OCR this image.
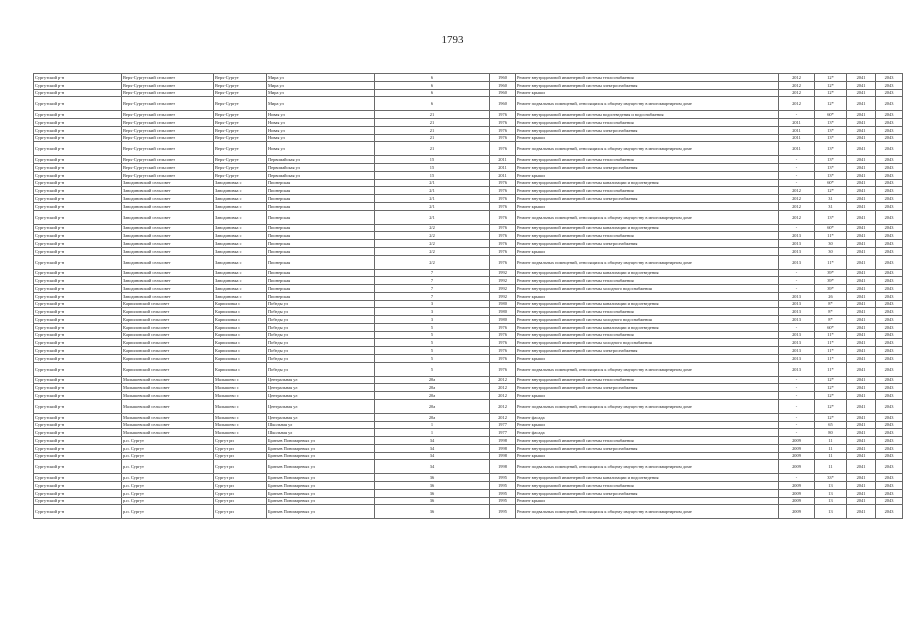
1793
Сургутский р-н	Верх-Сургутский сельсовет	Верх-Сургут	Мира ул	6	1960	Ремонт внутридомовой инженерной системы теплоснабжения	2012	12*	2041	2043
Сургутский р-н	Верх-Сургутский сельсовет	Верх-Сургут	Мира ул	6	1960	Ремонт внутридомовой инженерной системы электроснабжения	2012	12*	2041	2043
Сургутский р-н	Верх-Сургутский сельсовет	Верх-Сургут	Мира ул	6	1960	Ремонт крыши	2012	12*	2041	2043
Сургутский р-н	Верх-Сургутский сельсовет	Верх-Сургут	Мира ул	6	1960	Ремонт подвальных помещений, относящихся к общему имуществу в многоквартирном доме	2012	12*	2041	2043
Сургутский р-н	Верх-Сургутский сельсовет	Верх-Сургут	Новая ул	21	1976	Ремонт внутридомовой инженерной системы водоотведения и водоснабжения	-	60*	2041	2043
Сургутский р-н	Верх-Сургутский сельсовет	Верх-Сургут	Новая ул	21	1976	Ремонт внутридомовой инженерной системы теплоснабжения	2011	13*	2041	2043
Сургутский р-н	Верх-Сургутский сельсовет	Верх-Сургут	Новая ул	21	1976	Ремонт внутридомовой инженерной системы электроснабжения	2011	13*	2041	2043
Сургутский р-н	Верх-Сургутский сельсовет	Верх-Сургут	Новая ул	21	1976	Ремонт крыши	2011	13*	2041	2043
Сургутский р-н	Верх-Сургутский сельсовет	Верх-Сургут	Новая ул	21	1976	Ремонт подвальных помещений, относящихся к общему имуществу в многоквартирном доме	2011	13*	2041	2043
Сургутский р-н	Верх-Сургутский сельсовет	Верх-Сургут	Первомайская ул	15	2011	Ремонт внутридомовой инженерной системы теплоснабжения	-	13*	2041	2043
Сургутский р-н	Верх-Сургутский сельсовет	Верх-Сургут	Первомайская ул	15	2011	Ремонт внутридомовой инженерной системы электроснабжения	-	13*	2041	2043
Сургутский р-н	Верх-Сургутский сельсовет	Верх-Сургут	Первомайская ул	15	2011	Ремонт крыши	-	13*	2041	2043
Сургутский р-н	Заводиновский сельсовет	Заводиновка с	Пионерская	2/1	1976	Ремонт внутридомовой инженерной системы канализации и водоотведения	-	60*	2041	2043
Сургутский р-н	Заводиновский сельсовет	Заводиновка с	Пионерская	2/1	1976	Ремонт внутридомовой инженерной системы теплоснабжения	2012	12*	2041	2043
Сургутский р-н	Заводиновский сельсовет	Заводиновка с	Пионерская	2/1	1976	Ремонт внутридомовой инженерной системы электроснабжения	2012	31	2041	2043
Сургутский р-н	Заводиновский сельсовет	Заводиновка с	Пионерская	2/1	1976	Ремонт крыши	2012	31	2041	2043
Сургутский р-н	Заводиновский сельсовет	Заводиновка с	Пионерская	2/1	1976	Ремонт подвальных помещений, относящихся к общему имуществу в многоквартирном доме	2012	13*	2041	2043
Сургутский р-н	Заводиновский сельсовет	Заводиновка с	Пионерская	2/2	1976	Ремонт внутридомовой инженерной системы канализации и водоотведения	-	60*	2041	2043
Сургутский р-н	Заводиновский сельсовет	Заводиновка с	Пионерская	2/2	1976	Ремонт внутридомовой инженерной системы теплоснабжения	2013	11*	2041	2043
Сургутский р-н	Заводиновский сельсовет	Заводиновка с	Пионерская	2/2	1976	Ремонт внутридомовой инженерной системы электроснабжения	2013	30	2041	2043
Сургутский р-н	Заводиновский сельсовет	Заводиновка с	Пионерская	2/2	1976	Ремонт крыши	2013	30	2041	2043
Сургутский р-н	Заводиновский сельсовет	Заводиновка с	Пионерская	2/2	1976	Ремонт подвальных помещений, относящихся к общему имуществу в многоквартирном доме	2013	11*	2041	2043
Сургутский р-н	Заводиновский сельсовет	Заводиновка с	Пионерская	7	1992	Ремонт внутридомовой инженерной системы канализации и водоотведения	-	39*	2041	2043
Сургутский р-н	Заводиновский сельсовет	Заводиновка с	Пионерская	7	1992	Ремонт внутридомовой инженерной системы теплоснабжения	-	39*	2041	2043
Сургутский р-н	Заводиновский сельсовет	Заводиновка с	Пионерская	7	1992	Ремонт внутридомовой инженерной системы холодного водоснабжения	-	39*	2041	2043
Сургутский р-н	Заводиновский сельсовет	Заводиновка с	Пионерская	7	1992	Ремонт крыши	2013	26	2041	2043
Сургутский р-н	Карпиловский сельсовет	Карпиловка с	Победы ул	3	1980	Ремонт внутридомовой инженерной системы канализации и водоотведения	2013	8*	2041	2043
Сургутский р-н	Карпиловский сельсовет	Карпиловка с	Победы ул	3	1980	Ремонт внутридомовой инженерной системы теплоснабжения	2013	8*	2041	2043
Сургутский р-н	Карпиловский сельсовет	Карпиловка с	Победы ул	3	1980	Ремонт внутридомовой инженерной системы холодного водоснабжения	2013	8*	2041	2043
Сургутский р-н	Карпиловский сельсовет	Карпиловка с	Победы ул	5	1976	Ремонт внутридомовой инженерной системы канализации и водоотведения	-	60*	2041	2043
Сургутский р-н	Карпиловский сельсовет	Карпиловка с	Победы ул	5	1976	Ремонт внутридомовой инженерной системы теплоснабжения	2013	11*	2041	2043
Сургутский р-н	Карпиловский сельсовет	Карпиловка с	Победы ул	5	1976	Ремонт внутридомовой инженерной системы холодного водоснабжения	2013	11*	2041	2043
Сургутский р-н	Карпиловский сельсовет	Карпиловка с	Победы ул	5	1976	Ремонт внутридомовой инженерной системы электроснабжения	2013	11*	2041	2043
Сургутский р-н	Карпиловский сельсовет	Карпиловка с	Победы ул	5	1976	Ремонт крыши	2013	11*	2041	2043
Сургутский р-н	Карпиловский сельсовет	Карпиловка с	Победы ул	5	1976	Ремонт подвальных помещений, относящихся к общему имуществу в многоквартирном доме	2013	11*	2041	2043
Сургутский р-н	Малышевский сельсовет	Малышево с	Центральная ул	20а	2012	Ремонт внутридомовой инженерной системы теплоснабжения	-	12*	2041	2043
Сургутский р-н	Малышевский сельсовет	Малышево с	Центральная ул	20а	2012	Ремонт внутридомовой инженерной системы электроснабжения	-	12*	2041	2043
Сургутский р-н	Малышевский сельсовет	Малышево с	Центральная ул	20а	2012	Ремонт крыши	-	12*	2041	2043
Сургутский р-н	Малышевский сельсовет	Малышево с	Центральная ул	20а	2012	Ремонт подвальных помещений, относящихся к общему имуществу в многоквартирном доме	-	12*	2041	2043
Сургутский р-н	Малышевский сельсовет	Малышево с	Центральная ул	20а	2012	Ремонт фасада	-	12*	2041	2043
Сургутский р-н	Малышевский сельсовет	Малышево с	Школьная ул	1	1977	Ремонт крыши	-	65	2041	2043
Сургутский р-н	Малышевский сельсовет	Малышево с	Школьная ул	1	1977	Ремонт фасада	-	80	2041	2043
Сургутский р-н	р.п. Сургут	Сургут рп	Братьев Пономаревых ул	34	1998	Ремонт внутридомовой инженерной системы теплоснабжения	2009	11	2041	2043
Сургутский р-н	р.п. Сургут	Сургут рп	Братьев Пономаревых ул	34	1998	Ремонт внутридомовой инженерной системы электроснабжения	2009	11	2041	2043
Сургутский р-н	р.п. Сургут	Сургут рп	Братьев Пономаревых ул	34	1998	Ремонт крыши	2009	11	2041	2043
Сургутский р-н	р.п. Сургут	Сургут рп	Братьев Пономаревых ул	34	1998	Ремонт подвальных помещений, относящихся к общему имуществу в многоквартирном доме	2009	11	2041	2043
Сургутский р-н	р.п. Сургут	Сургут рп	Братьев Пономаревых ул	36	1995	Ремонт внутридомовой инженерной системы канализации и водоотведения	-	33*	2041	2043
Сургутский р-н	р.п. Сургут	Сургут рп	Братьев Пономаревых ул	36	1995	Ремонт внутридомовой инженерной системы теплоснабжения	2009	13	2041	2043
Сургутский р-н	р.п. Сургут	Сургут рп	Братьев Пономаревых ул	36	1995	Ремонт внутридомовой инженерной системы электроснабжения	2009	13	2041	2043
Сургутский р-н	р.п. Сургут	Сургут рп	Братьев Пономаревых ул	36	1995	Ремонт крыши	2009	13	2041	2043
Сургутский р-н	р.п. Сургут	Сургут рп	Братьев Пономаревых ул	36	1995	Ремонт подвальных помещений, относящихся к общему имуществу в многоквартирном доме	2009	13	2041	2043
